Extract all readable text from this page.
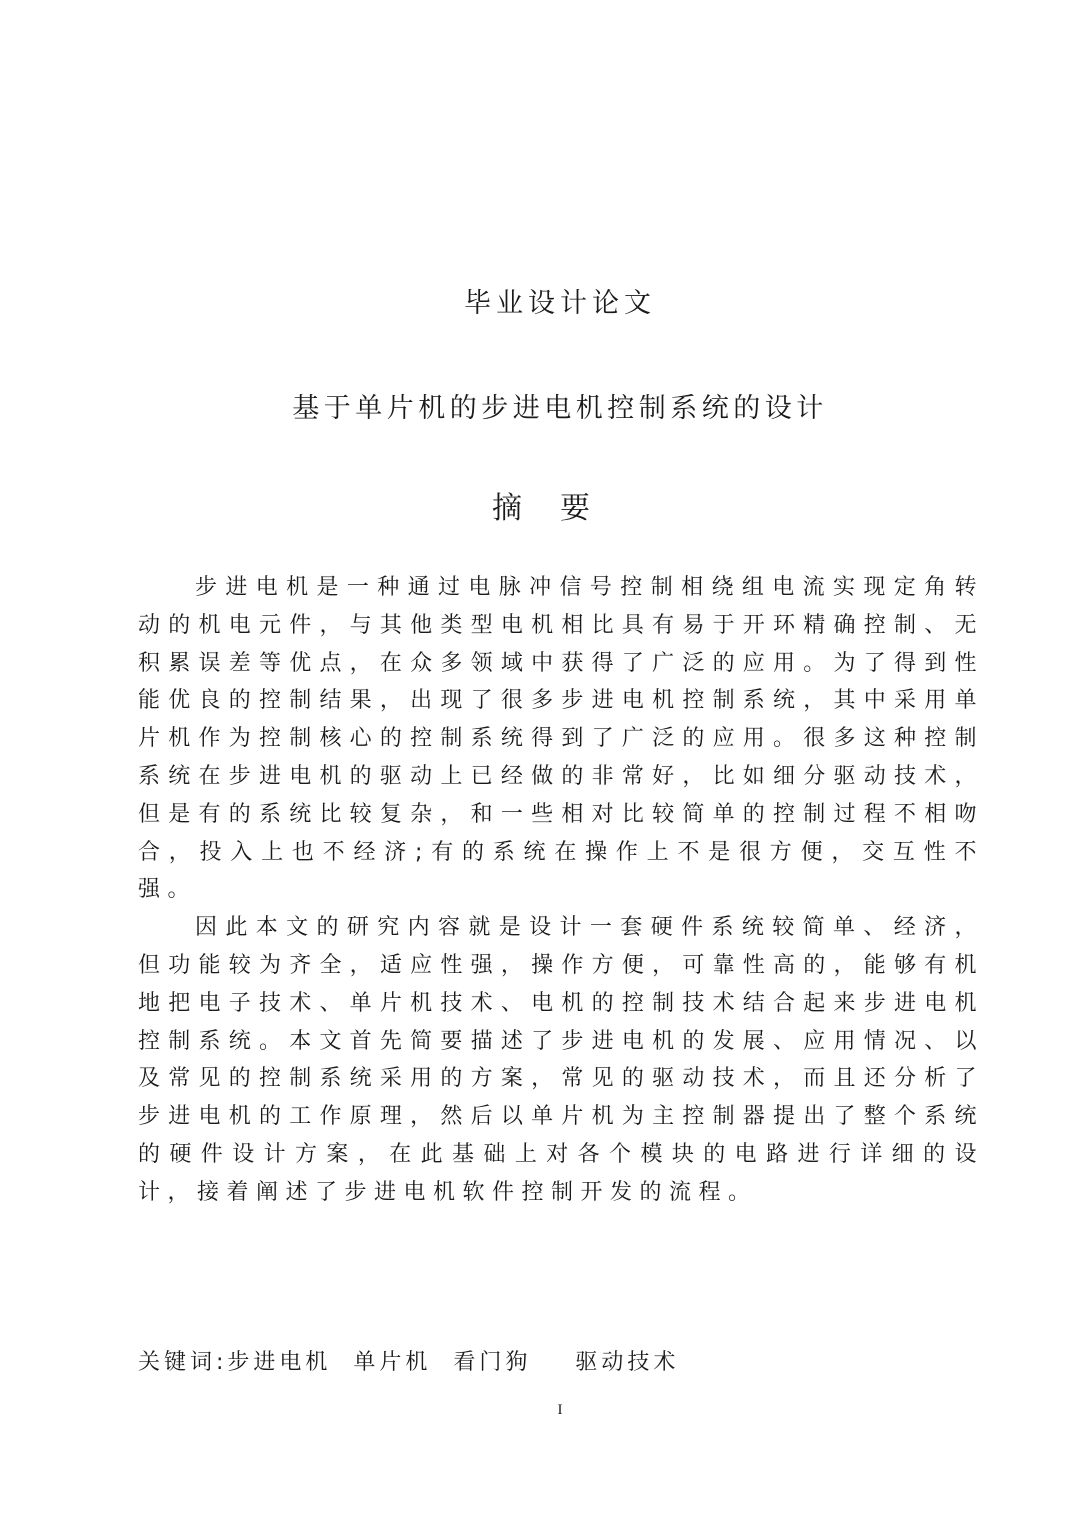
毕业设计论文
基于单片机的步进电机控制系统的设计
摘要

步进电机是一种通过电脉冲信号控制相绕组电流实现定角转动的机电元件，与其他类型电机相比具有易于开环精确控制、无积累误差等优点，在众多领域中获得了广泛的应用。为了得到性能优良的控制结果，出现了很多步进电机控制系统，其中采用单片机作为控制核心的控制系统得到了广泛的应用。很多这种控制系统在步进电机的驱动上已经做的非常好，比如细分驱动技术，但是有的系统比较复杂，和一些相对比较简单的控制过程不相吻合，投入上也不经济;有的系统在操作上不是很方便，交互性不强。

因此本文的研究内容就是设计一套硬件系统较简单、经济，但功能较为齐全，适应性强，操作方便，可靠性高的，能够有机地把电子技术、单片机技术、电机的控制技术结合起来步进电机控制系统。本文首先简要描述了步进电机的发展、应用情况、以及常见的控制系统采用的方案，常见的驱动技术，而且还分析了步进电机的工作原理，然后以单片机为主控制器提出了整个系统的硬件设计方案，在此基础上对各个模块的电路进行详细的设计，接着阐述了步进电机软件控制开发的流程。

关键词:步进电机  单片机  看门狗    驱动技术
I
